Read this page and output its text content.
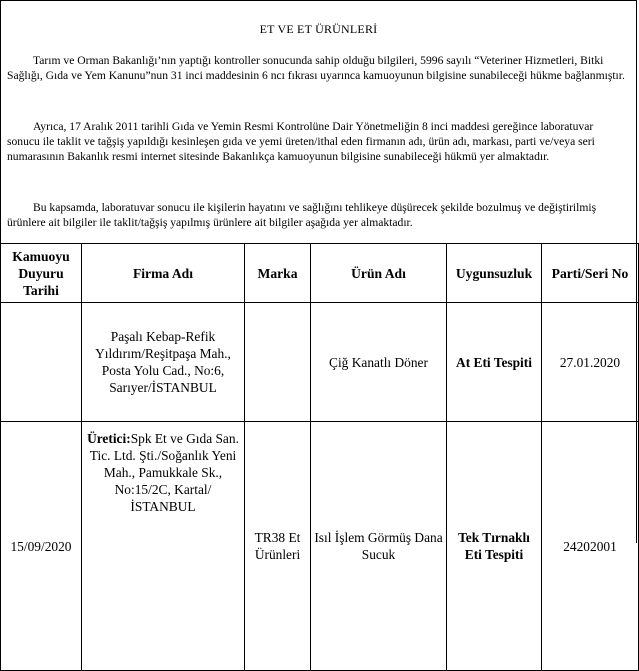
ET VE ET ÜRÜNLERİ

Tarım ve Orman Bakanlığı’nın yaptığı kontroller sonucunda sahip olduğu bilgileri, 5996 sayılı “Veteriner Hizmetleri, Bitki Sağlığı, Gıda ve Yem Kanunu”nun 31 inci maddesinin 6 ncı fıkrası uyarınca kamuoyunun bilgisine sunabileceği hükme bağlanmıştır.

Ayrıca, 17 Aralık 2011 tarihli Gıda ve Yemin Resmi Kontrolüne Dair Yönetmeliğin 8 inci maddesi gereğince laboratuvar sonucu ile taklit ve tağşiş yapıldığı kesinleşen gıda ve yemi üreten/ithal eden firmanın adı, ürün adı, markası, parti ve/veya seri numarasının Bakanlık resmi internet sitesinde Bakanlıkça kamuoyunun bilgisine sunabileceği hükmü yer almaktadır.

Bu kapsamda, laboratuvar sonucu ile kişilerin hayatını ve sağlığını tehlikeye düşürecek şekilde bozulmuş ve değiştirilmiş ürünlere ait bilgiler ile taklit/tağşiş yapılmış ürünlere ait bilgiler aşağıda yer almaktadır.

Kamuoyu Duyuru Tarihi	Firma Adı	Marka	Ürün Adı	Uygunsuzluk	Parti/Seri No
	Paşalı Kebap-Refik Yıldırım/Reşitpaşa Mah., Posta Yolu Cad., No:6, Sarıyer/İSTANBUL		Çiğ Kanatlı Döner	At Eti Tespiti	27.01.2020
15/09/2020	Üretici:Spk Et ve Gıda San. Tic. Ltd. Şti./Soğanlık Yeni Mah., Pamukkale Sk., No:15/2C, Kartal/İSTANBUL	TR38 Et Ürünleri	Isıl İşlem Görmüş Dana Sucuk	Tek Tırnaklı Eti Tespiti	24202001
